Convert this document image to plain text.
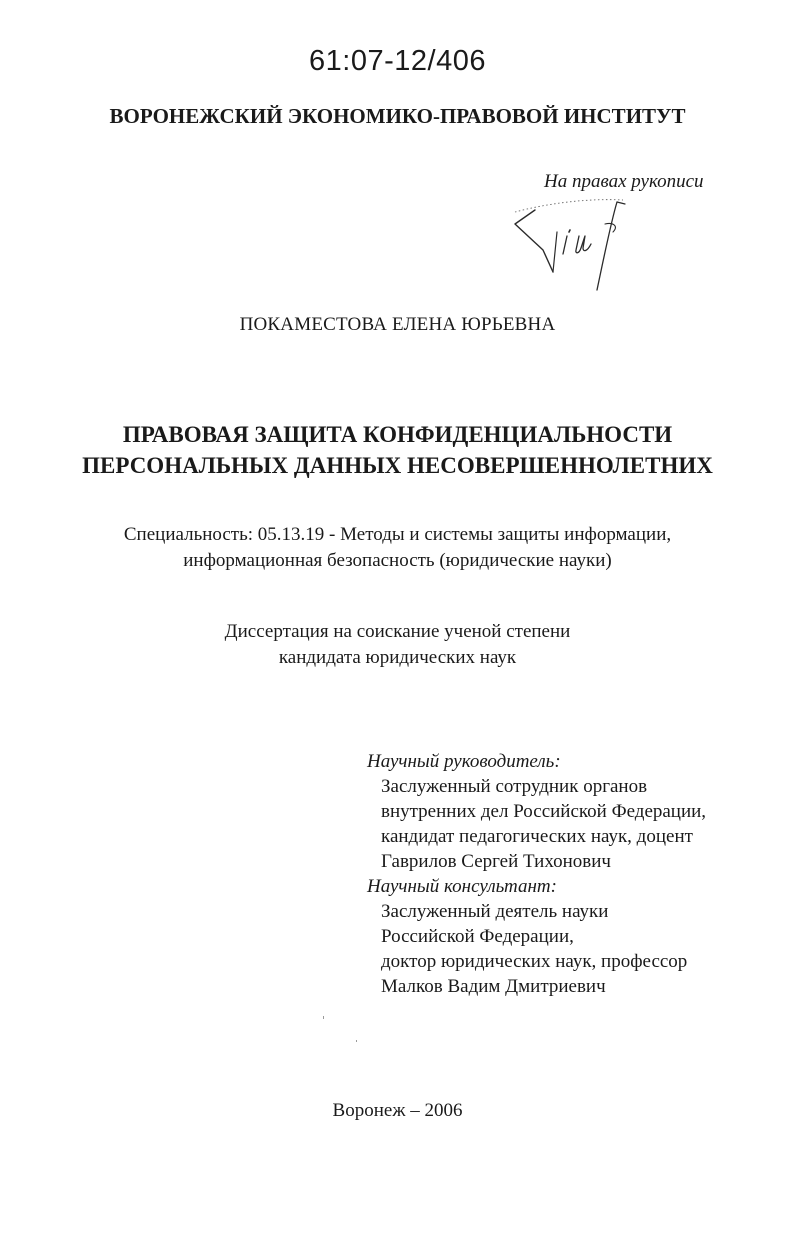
61:07-12/406
ВОРОНЕЖСКИЙ ЭКОНОМИКО-ПРАВОВОЙ ИНСТИТУТ
На правах рукописи
ПОКАМЕСТОВА ЕЛЕНА ЮРЬЕВНА
ПРАВОВАЯ ЗАЩИТА КОНФИДЕНЦИАЛЬНОСТИ
ПЕРСОНАЛЬНЫХ ДАННЫХ НЕСОВЕРШЕННОЛЕТНИХ
Специальность: 05.13.19 - Методы и системы защиты информации,
информационная безопасность (юридические науки)
Диссертация на соискание ученой степени
кандидата юридических наук
Научный руководитель:
Заслуженный сотрудник органов
внутренних дел Российской Федерации,
кандидат педагогических наук, доцент
Гаврилов Сергей Тихонович
Научный консультант:
Заслуженный деятель науки
Российской Федерации,
доктор юридических наук, профессор
Малков Вадим Дмитриевич
Воронеж – 2006
